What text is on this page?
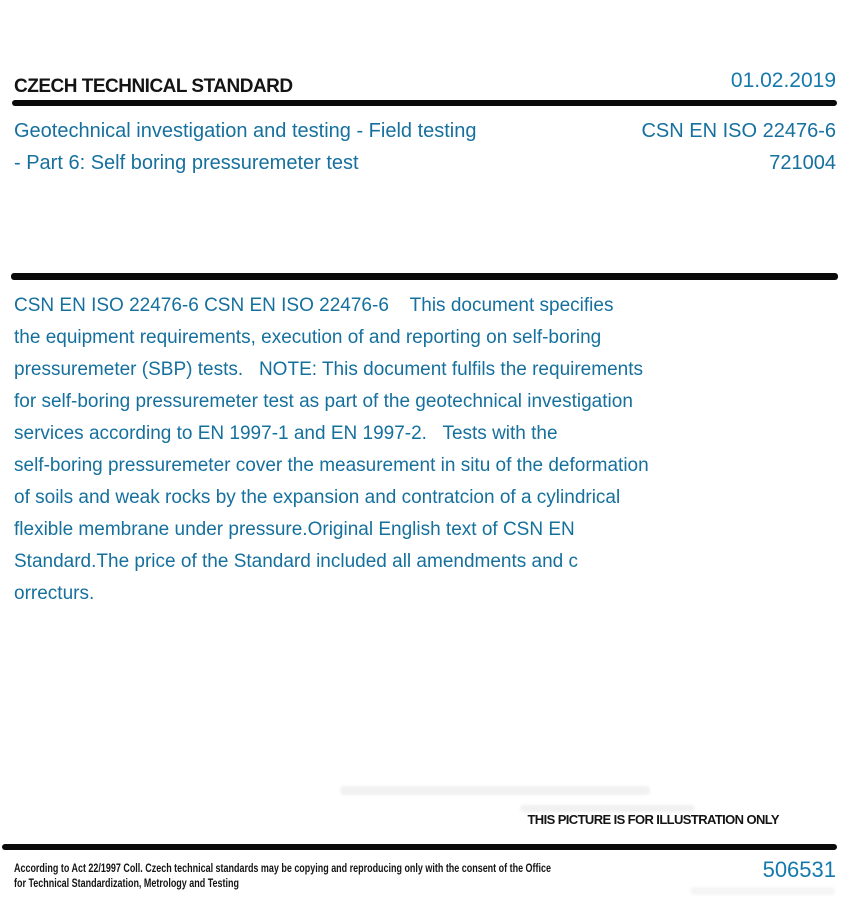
CZECH TECHNICAL STANDARD	01.02.2019
Geotechnical investigation and testing - Field testing
- Part 6: Self boring pressuremeter test
CSN EN ISO 22476-6
721004
CSN EN ISO 22476-6 CSN EN ISO 22476-6    This document specifies
the equipment requirements, execution of and reporting on self-boring
pressuremeter (SBP) tests.   NOTE: This document fulfils the requirements
for self-boring pressuremeter test as part of the geotechnical investigation
services according to EN 1997-1 and EN 1997-2.   Tests with the
self-boring pressuremeter cover the measurement in situ of the deformation
of soils and weak rocks by the expansion and contratcion of a cylindrical
flexible membrane under pressure.Original English text of CSN EN
Standard.The price of the Standard included all amendments and c
orrecturs.
THIS PICTURE IS FOR ILLUSTRATION ONLY
According to Act 22/1997 Coll. Czech technical standards may be copying and reproducing only with the consent of the Office
for Technical Standardization, Metrology and Testing
506531
